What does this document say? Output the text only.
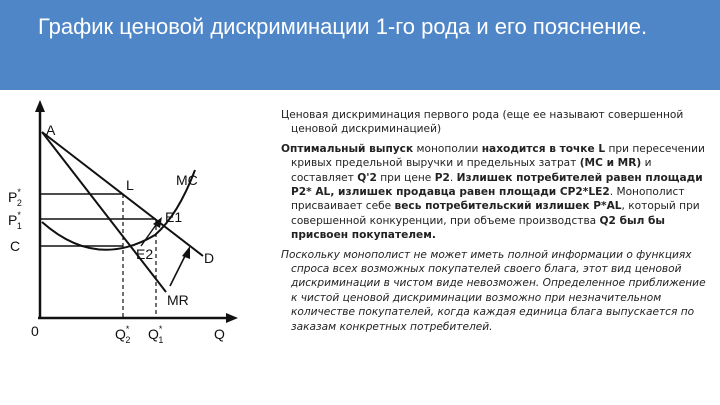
График ценовой дискриминации 1-го рода и его пояснение.
A
P* 2
P* 1
C
0
L	MC
E1
E2	D
MR
Q* 2 Q* 1	Q

Ценовая дискриминация первого рода (еще ее называют совершенной ценовой дискриминацией)

Оптимальный выпуск монополии находится в точке L при пересечении кривых предельной выручки и предельных затрат (MC и MR) и составляет Q'2 при цене P2. Излишек потребителей равен площади P2* AL, излишек продавца равен площади CP2*LE2. Монополист присваивает себе весь потребительский излишек P*AL, который при совершенной конкуренции, при объеме производства Q2 был бы присвоен покупателем.

Поскольку монополист не может иметь полной информации о функциях спроса всех возможных покупателей своего блага, этот вид ценовой дискриминации в чистом виде невозможен. Определенное приближение к чистой ценовой дискриминации возможно при незначительном количестве покупателей, когда каждая единица блага выпускается по заказам конкретных потребителей.
